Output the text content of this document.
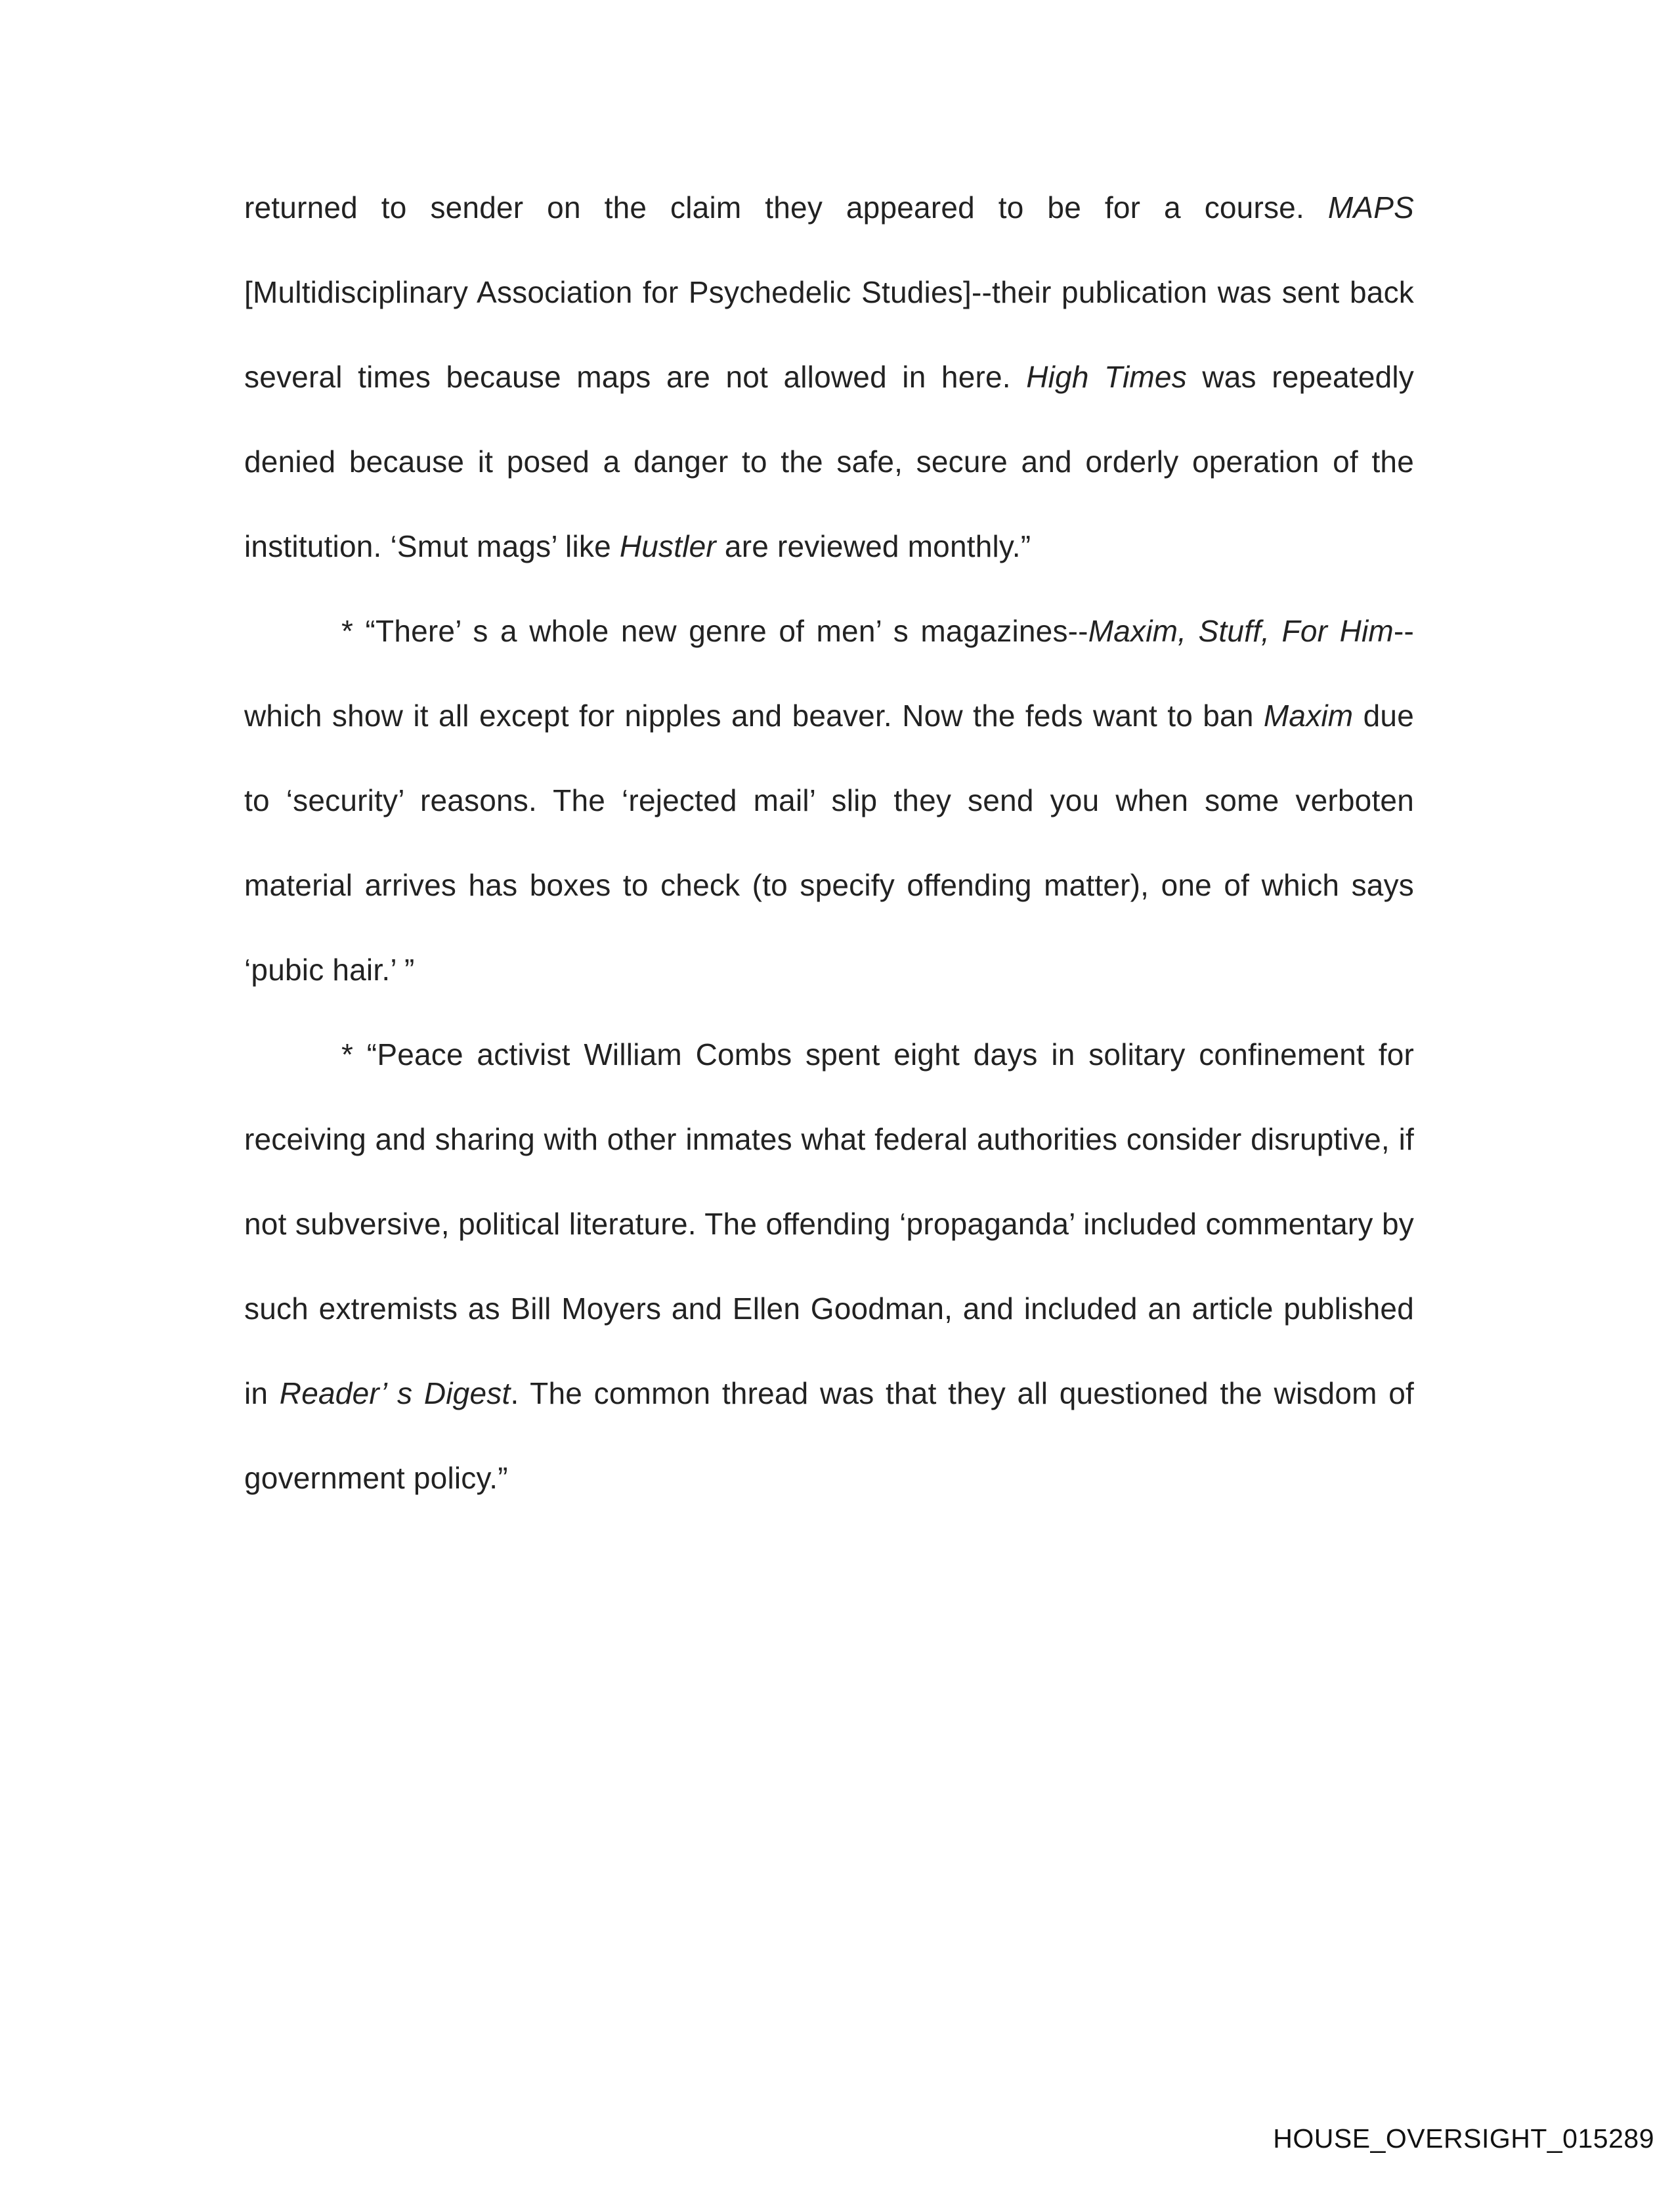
returned to sender on the claim they appeared to be for a course. MAPS [Multidisciplinary Association for Psychedelic Studies]--their publication was sent back several times because maps are not allowed in here. High Times was repeatedly denied because it posed a danger to the safe, secure and orderly operation of the institution. ‘Smut mags’ like Hustler are reviewed monthly.”

* “There’ s a whole new genre of men’ s magazines--Maxim, Stuff, For Him--which show it all except for nipples and beaver. Now the feds want to ban Maxim due to ‘security’ reasons. The ‘rejected mail’ slip they send you when some verboten material arrives has boxes to check (to specify offending matter), one of which says ‘pubic hair.’ ”

* “Peace activist William Combs spent eight days in solitary confinement for receiving and sharing with other inmates what federal authorities consider disruptive, if not subversive, political literature. The offending ‘propaganda’ included commentary by such extremists as Bill Moyers and Ellen Goodman, and included an article published in Reader’ s Digest. The common thread was that they all questioned the wisdom of government policy.”

HOUSE_OVERSIGHT_015289
